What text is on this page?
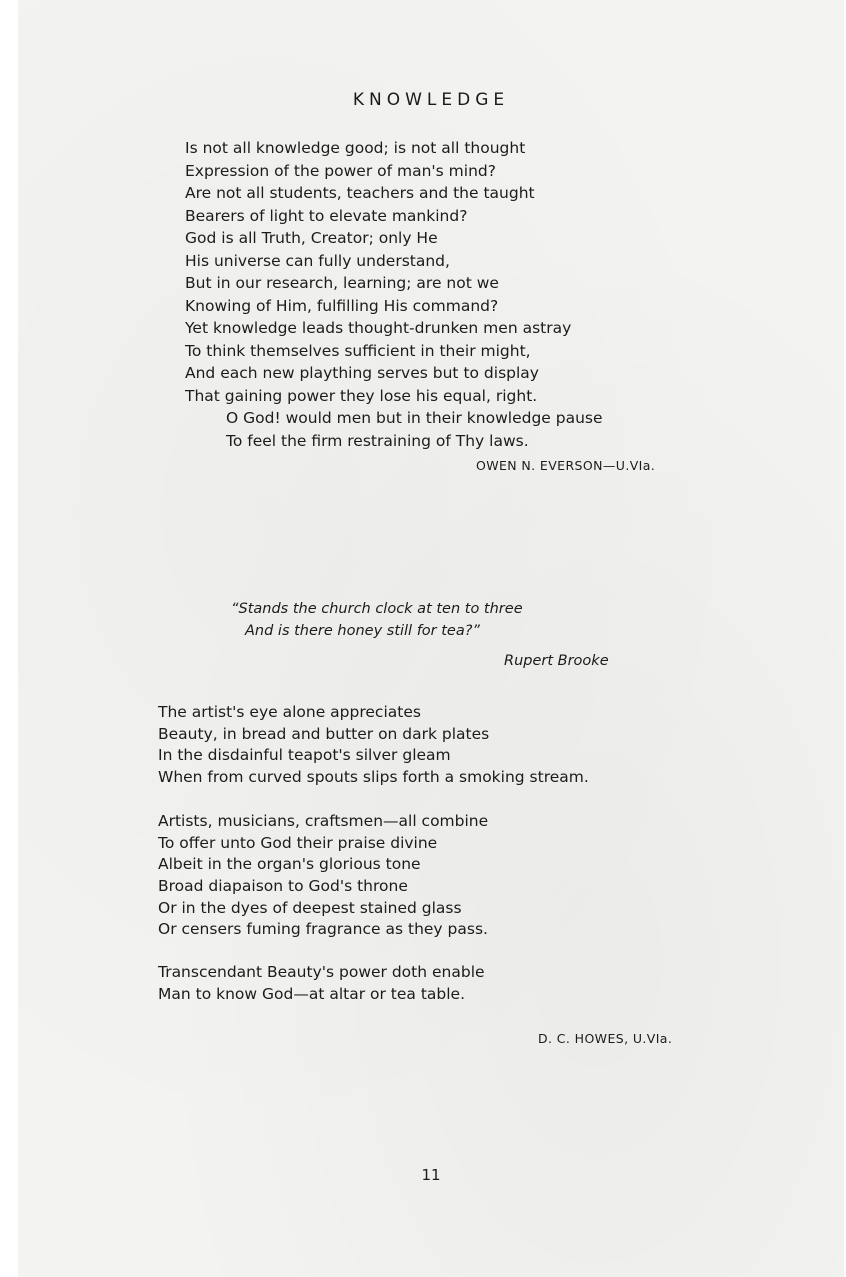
KNOWLEDGE
Is not all knowledge good; is not all thought
Expression of the power of man's mind?
Are not all students, teachers and the taught
Bearers of light to elevate mankind?
God is all Truth, Creator; only He
His universe can fully understand,
But in our research, learning; are not we
Knowing of Him, fulfilling His command?
Yet knowledge leads thought-drunken men astray
To think themselves sufficient in their might,
And each new plaything serves but to display
That gaining power they lose his equal, right.
O God! would men but in their knowledge pause
To feel the firm restraining of Thy laws.
OWEN N. EVERSON—U.VIa.
“Stands the church clock at ten to three
And is there honey still for tea?”
Rupert Brooke
The artist's eye alone appreciates
Beauty, in bread and butter on dark plates
In the disdainful teapot's silver gleam
When from curved spouts slips forth a smoking stream.
Artists, musicians, craftsmen—all combine
To offer unto God their praise divine
Albeit in the organ's glorious tone
Broad diapaison to God's throne
Or in the dyes of deepest stained glass
Or censers fuming fragrance as they pass.
Transcendant Beauty's power doth enable
Man to know God—at altar or tea table.
D. C. HOWES, U.VIa.
11
